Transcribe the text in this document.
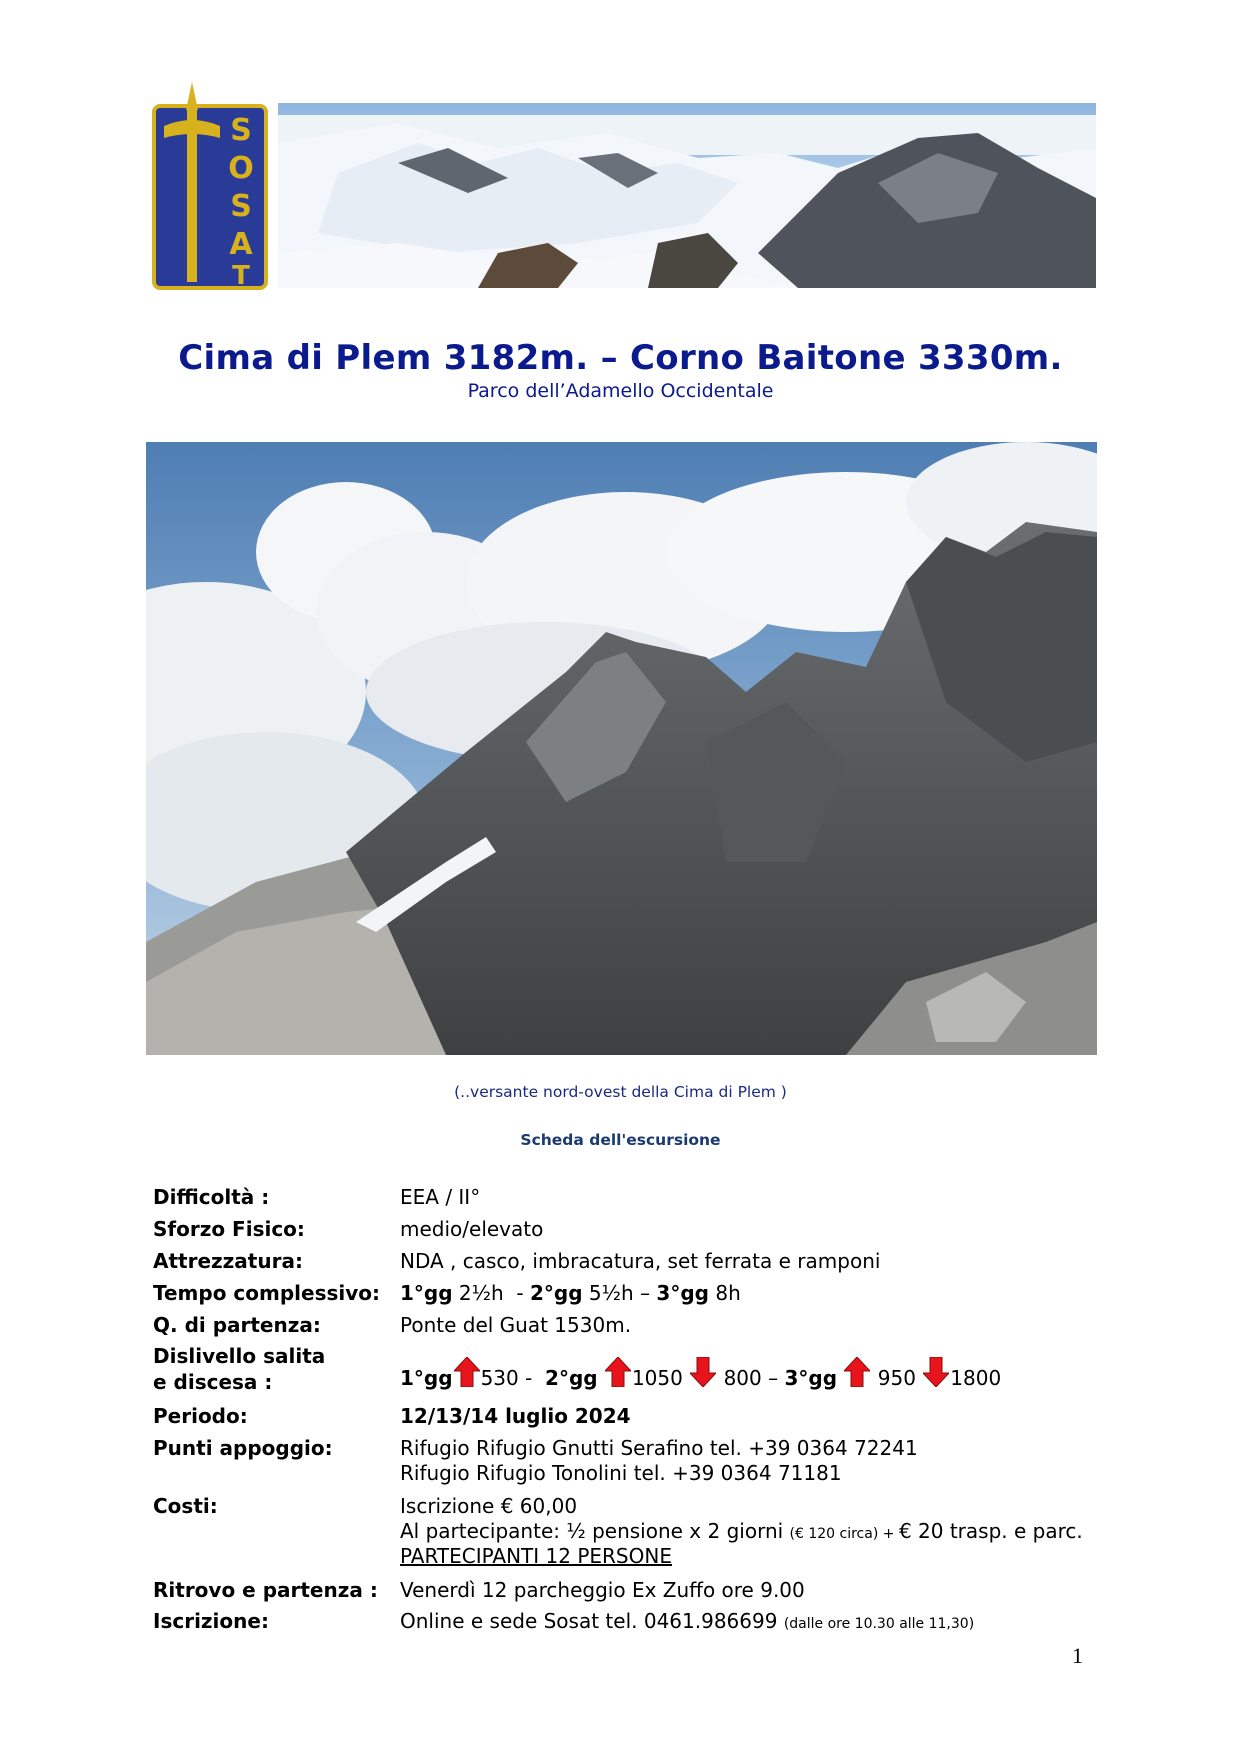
S
O
S
A
T
Cima di Plem 3182m. – Corno Baitone 3330m.
Parco dell’Adamello Occidentale
(..versante nord-ovest della Cima di Plem )
Scheda dell'escursione
Difficoltà :	EEA / II°
Sforzo Fisico:	medio/elevato
Attrezzatura:	NDA , casco, imbracatura, set ferrata e ramponi
Tempo complessivo: 1°gg 2½h  - 2°gg 5½h – 3°gg 8h
Q. di partenza:	Ponte del Guat 1530m.
Dislivello salita
e discesa :	1°gg 530 -  2°gg 1050  800 – 3°gg  950 1800
Periodo:	12/13/14 luglio 2024
Punti appoggio:	Rifugio Rifugio Gnutti Serafino tel. +39 0364 72241
Rifugio Rifugio Tonolini tel. +39 0364 71181
Costi:	Iscrizione € 60,00
Al partecipante: ½ pensione x 2 giorni (€ 120 circa) + € 20 trasp. e parc.
PARTECIPANTI 12 PERSONE
Ritrovo e partenza : Venerdì 12 parcheggio Ex Zuffo ore 9.00
Iscrizione:	Online e sede Sosat tel. 0461.986699 (dalle ore 10.30 alle 11,30)
1
